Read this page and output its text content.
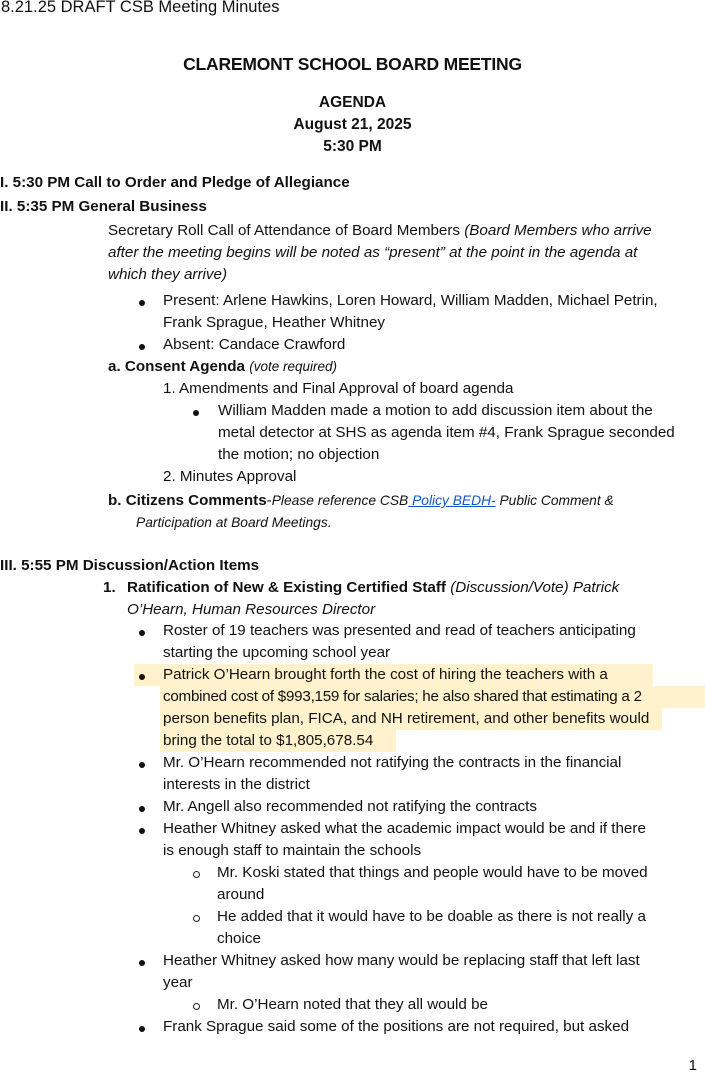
8.21.25 DRAFT CSB Meeting Minutes
CLAREMONT SCHOOL BOARD MEETING
AGENDA
August 21, 2025
5:30 PM
I. 5:30 PM Call to Order and Pledge of Allegiance
II. 5:35 PM General Business
Secretary Roll Call of Attendance of Board Members (Board Members who arrive
after the meeting begins will be noted as “present” at the point in the agenda at
which they arrive)
Present: Arlene Hawkins, Loren Howard, William Madden, Michael Petrin,
Frank Sprague, Heather Whitney
Absent: Candace Crawford
a. Consent Agenda (vote required)
1. Amendments and Final Approval of board agenda
William Madden made a motion to add discussion item about the
metal detector at SHS as agenda item #4, Frank Sprague seconded
the motion; no objection
2. Minutes Approval
b. Citizens Comments-Please reference CSB Policy BEDH- Public Comment &
Participation at Board Meetings.
III. 5:55 PM Discussion/Action Items
1. Ratification of New & Existing Certified Staff (Discussion/Vote) Patrick
O’Hearn, Human Resources Director
Roster of 19 teachers was presented and read of teachers anticipating
starting the upcoming school year
Patrick O’Hearn brought forth the cost of hiring the teachers with a
combined cost of $993,159 for salaries; he also shared that estimating a 2
person benefits plan, FICA, and NH retirement, and other benefits would
bring the total to $1,805,678.54
Mr. O’Hearn recommended not ratifying the contracts in the financial
interests in the district
Mr. Angell also recommended not ratifying the contracts
Heather Whitney asked what the academic impact would be and if there
is enough staff to maintain the schools
Mr. Koski stated that things and people would have to be moved
around
He added that it would have to be doable as there is not really a
choice
Heather Whitney asked how many would be replacing staff that left last
year
Mr. O’Hearn noted that they all would be
Frank Sprague said some of the positions are not required, but asked
1
